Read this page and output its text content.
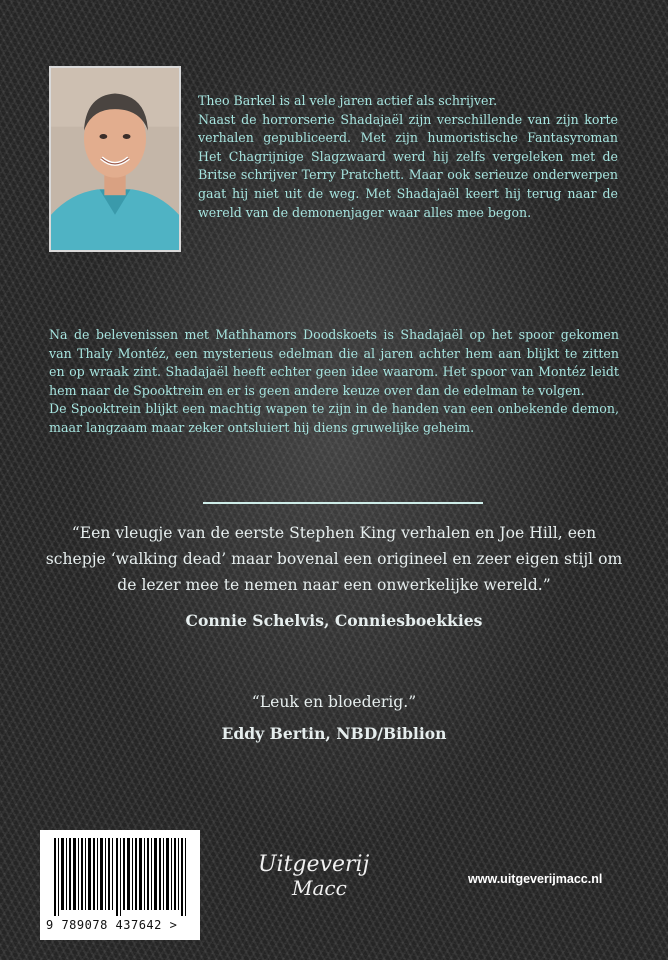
Theo Barkel is al vele jaren actief als schrijver.

Naast de horrorserie Shadajaël zijn verschillende van zijn korte verhalen gepubliceerd. Met zijn humoristische Fantasyroman Het Chagrijnige Slagzwaard werd hij zelfs vergeleken met de Britse schrijver Terry Pratchett. Maar ook serieuze onderwerpen gaat hij niet uit de weg. Met Shadajaël keert hij terug naar de wereld van de demonenjager waar alles mee begon.

Na de belevenissen met Mathhamors Doodskoets is Shadajaël op het spoor gekomen van Thaly Montéz, een mysterieus edelman die al jaren achter hem aan blijkt te zitten en op wraak zint. Shadajaël heeft echter geen idee waarom. Het spoor van Montéz leidt hem naar de Spooktrein en er is geen andere keuze over dan de edelman te volgen.

De Spooktrein blijkt een machtig wapen te zijn in de handen van een onbekende demon, maar langzaam maar zeker ontsluiert hij diens gruwelijke geheim.

“Een vleugje van de eerste Stephen King verhalen en Joe Hill, een schepje ‘walking dead’ maar bovenal een origineel en zeer eigen stijl om de lezer mee te nemen naar een onwerkelijke wereld.”
Connie Schelvis, Conniesboekkies
“Leuk en bloederig.”
Eddy Bertin, NBD/Biblion
9 789078 437642 >
Uitgeverij
Macc	www.uitgeverijmacc.nl
